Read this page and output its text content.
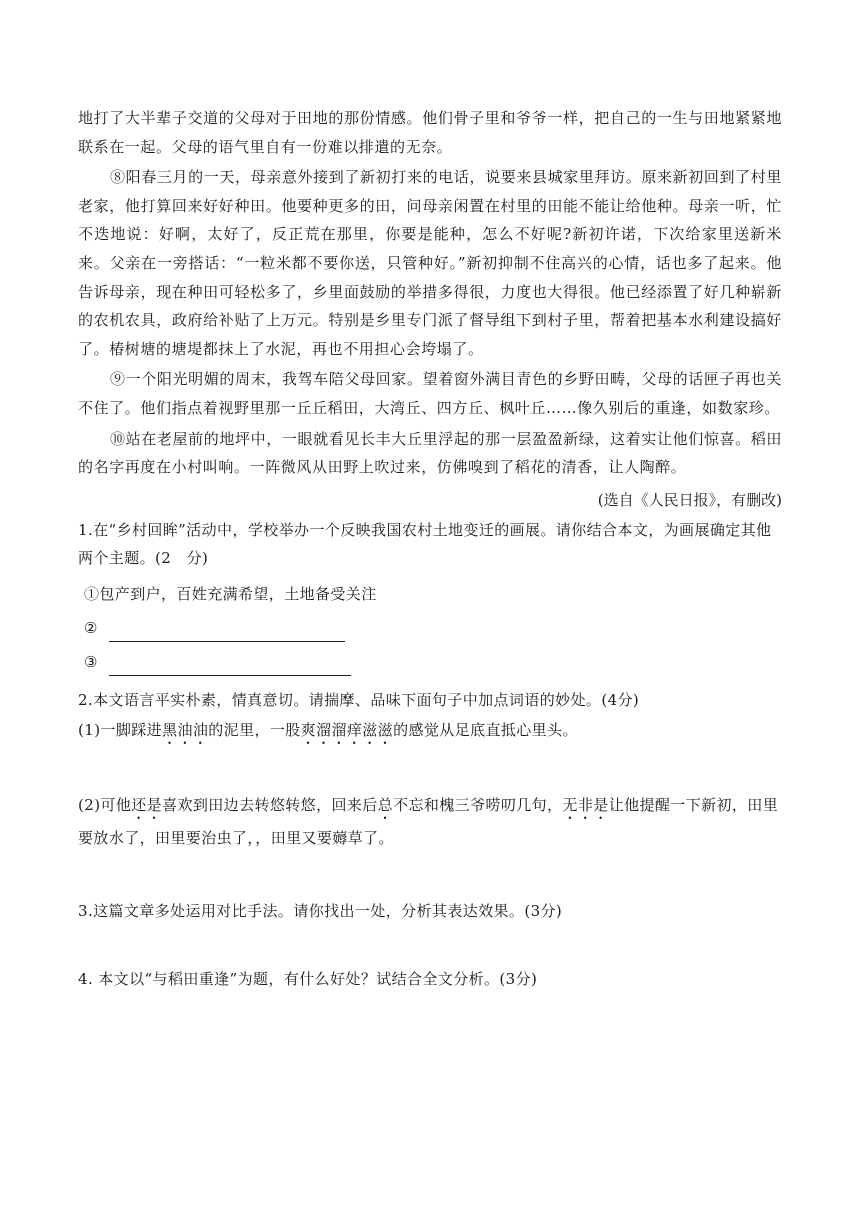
地打了大半辈子交道的父母对于田地的那份情感。他们骨子里和爷爷一样，把自己的一生与田地紧紧地联系在一起。父母的语气里自有一份难以排遣的无奈。

⑧阳春三月的一天，母亲意外接到了新初打来的电话，说要来县城家里拜访。原来新初回到了村里老家，他打算回来好好种田。他要种更多的田，问母亲闲置在村里的田能不能让给他种。母亲一听，忙不迭地说：好啊，太好了，反正荒在那里，你要是能种，怎么不好呢?新初许诺，下次给家里送新米来。父亲在一旁搭话：“一粒米都不要你送，只管种好。”新初抑制不住高兴的心情，话也多了起来。他告诉母亲，现在种田可轻松多了，乡里面鼓励的举措多得很，力度也大得很。他已经添置了好几种崭新的农机农具，政府给补贴了上万元。特别是乡里专门派了督导组下到村子里，帮着把基本水利建设搞好了。椿树塘的塘堤都抹上了水泥，再也不用担心会垮塌了。

⑨一个阳光明媚的周末，我驾车陪父母回家。望着窗外满目青色的乡野田畴，父母的话匣子再也关不住了。他们指点着视野里那一丘丘稻田，大湾丘、四方丘、枫叶丘……像久别后的重逢，如数家珍。

⑩站在老屋前的地坪中，一眼就看见长丰大丘里浮起的那一层盈盈新绿，这着实让他们惊喜。稻田的名字再度在小村叫响。一阵微风从田野上吹过来，仿佛嗅到了稻花的清香，让人陶醉。

(选自《人民日报》，有删改)

1.在“乡村回眸”活动中，学校举办一个反映我国农村土地变迁的画展。请你结合本文，为画展确定其他两个主题。(2　分)

①包产到户，百姓充满希望，土地备受关注

②
③

2.本文语言平实朴素，情真意切。请揣摩、品味下面句子中加点词语的妙处。(4分)

(1)一脚踩进黑油油的泥里，一股爽溜溜痒滋滋的感觉从足底直抵心里头。

(2)可他还是喜欢到田边去转悠转悠，回来后总不忘和槐三爷唠叨几句，无非是让他提醒一下新初，田里要放水了，田里要治虫了，，田里又要薅草了。

3.这篇文章多处运用对比手法。请你找出一处，分析其表达效果。(3分)

4. 本文以“与稻田重逢”为题，有什么好处？试结合全文分析。(3分)
